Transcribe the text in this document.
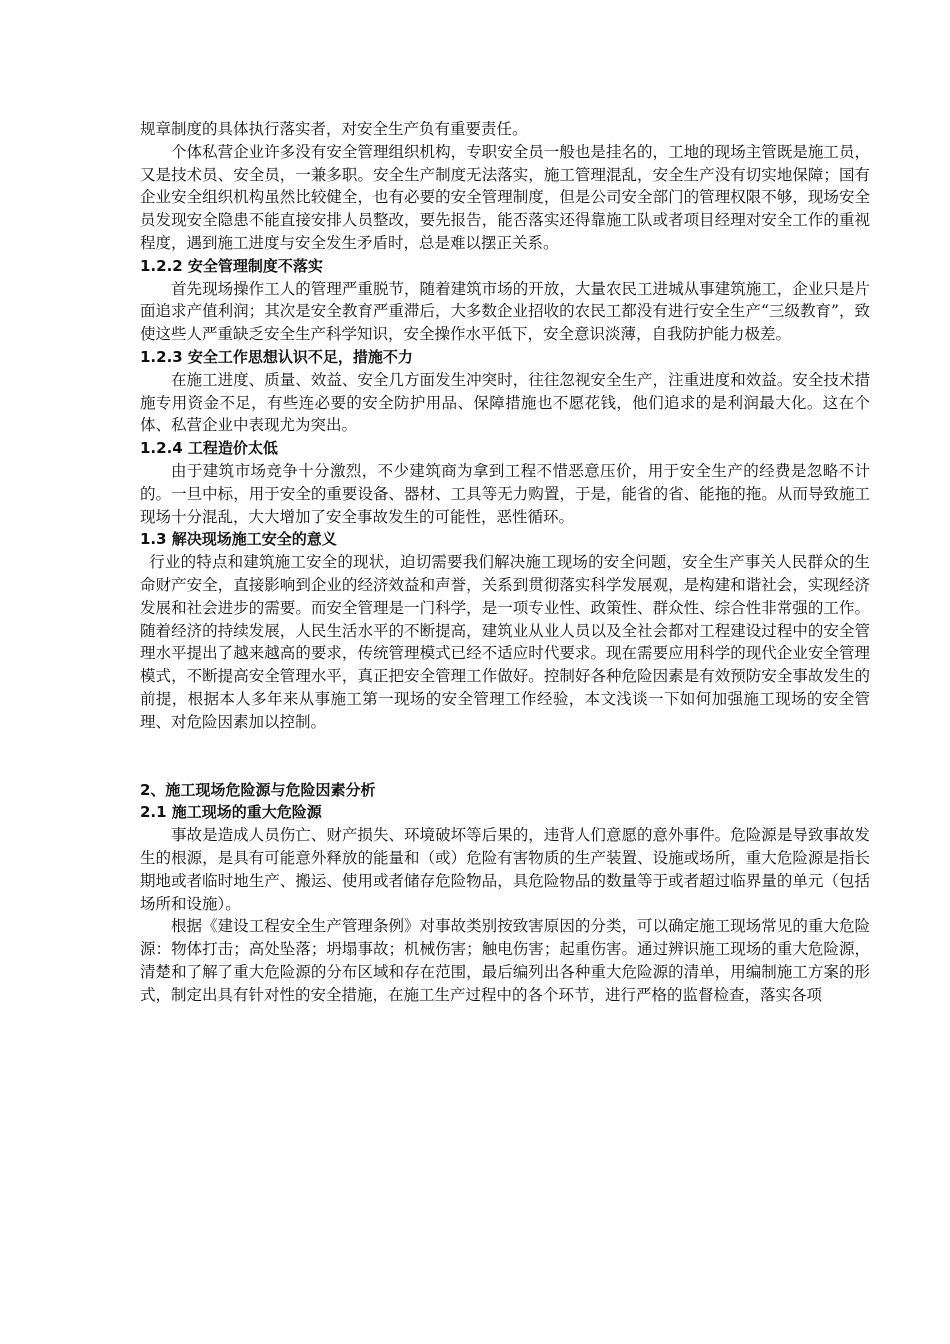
规章制度的具体执行落实者，对安全生产负有重要责任。

个体私营企业许多没有安全管理组织机构，专职安全员一般也是挂名的，工地的现场主管既是施工员，又是技术员、安全员，一兼多职。安全生产制度无法落实，施工管理混乱，安全生产没有切实地保障；国有企业安全组织机构虽然比较健全，也有必要的安全管理制度，但是公司安全部门的管理权限不够，现场安全员发现安全隐患不能直接安排人员整改，要先报告，能否落实还得靠施工队或者项目经理对安全工作的重视程度，遇到施工进度与安全发生矛盾时，总是难以摆正关系。

1.2.2 安全管理制度不落实

首先现场操作工人的管理严重脱节，随着建筑市场的开放，大量农民工进城从事建筑施工，企业只是片面追求产值利润；其次是安全教育严重滞后，大多数企业招收的农民工都没有进行安全生产“三级教育”，致使这些人严重缺乏安全生产科学知识，安全操作水平低下，安全意识淡薄，自我防护能力极差。

1.2.3 安全工作思想认识不足，措施不力

在施工进度、质量、效益、安全几方面发生冲突时，往往忽视安全生产，注重进度和效益。安全技术措施专用资金不足，有些连必要的安全防护用品、保障措施也不愿花钱，他们追求的是利润最大化。这在个体、私营企业中表现尤为突出。

1.2.4 工程造价太低

由于建筑市场竞争十分激烈，不少建筑商为拿到工程不惜恶意压价，用于安全生产的经费是忽略不计的。一旦中标，用于安全的重要设备、器材、工具等无力购置，于是，能省的省、能拖的拖。从而导致施工现场十分混乱，大大增加了安全事故发生的可能性，恶性循环。

1.3 解决现场施工安全的意义

行业的特点和建筑施工安全的现状，迫切需要我们解决施工现场的安全问题，安全生产事关人民群众的生命财产安全，直接影响到企业的经济效益和声誉，关系到贯彻落实科学发展观，是构建和谐社会，实现经济发展和社会进步的需要。而安全管理是一门科学，是一项专业性、政策性、群众性、综合性非常强的工作。随着经济的持续发展，人民生活水平的不断提高，建筑业从业人员以及全社会都对工程建设过程中的安全管理水平提出了越来越高的要求，传统管理模式已经不适应时代要求。现在需要应用科学的现代企业安全管理模式，不断提高安全管理水平，真正把安全管理工作做好。控制好各种危险因素是有效预防安全事故发生的前提，根据本人多年来从事施工第一现场的安全管理工作经验，本文浅谈一下如何加强施工现场的安全管理、对危险因素加以控制。

2、施工现场危险源与危险因素分析

2.1 施工现场的重大危险源

事故是造成人员伤亡、财产损失、环境破坏等后果的，违背人们意愿的意外事件。危险源是导致事故发生的根源，是具有可能意外释放的能量和（或）危险有害物质的生产装置、设施或场所，重大危险源是指长期地或者临时地生产、搬运、使用或者储存危险物品，具危险物品的数量等于或者超过临界量的单元（包括场所和设施）。

根据《建设工程安全生产管理条例》对事故类别按致害原因的分类，可以确定施工现场常见的重大危险源：物体打击；高处坠落；坍塌事故；机械伤害；触电伤害；起重伤害。通过辨识施工现场的重大危险源，清楚和了解了重大危险源的分布区域和存在范围，最后编列出各种重大危险源的清单，用编制施工方案的形式，制定出具有针对性的安全措施，在施工生产过程中的各个环节，进行严格的监督检查，落实各项
